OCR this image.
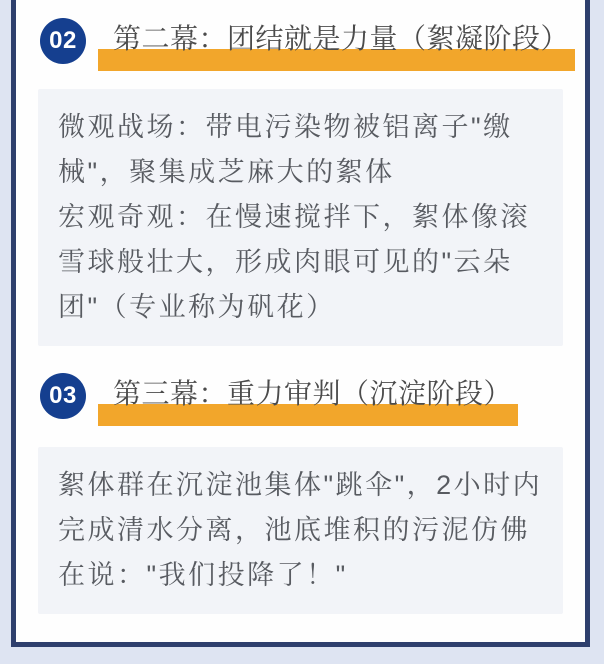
02	第二幕：团结就是力量（絮凝阶段）

微观战场：带电污染物被铝离子"缴械"，聚集成芝麻大的絮体

宏观奇观：在慢速搅拌下，絮体像滚雪球般壮大，形成肉眼可见的"云朵团"（专业称为矾花）

03	第三幕：重力审判（沉淀阶段）

絮体群在沉淀池集体"跳伞"，2小时内完成清水分离，池底堆积的污泥仿佛在说："我们投降了！"
